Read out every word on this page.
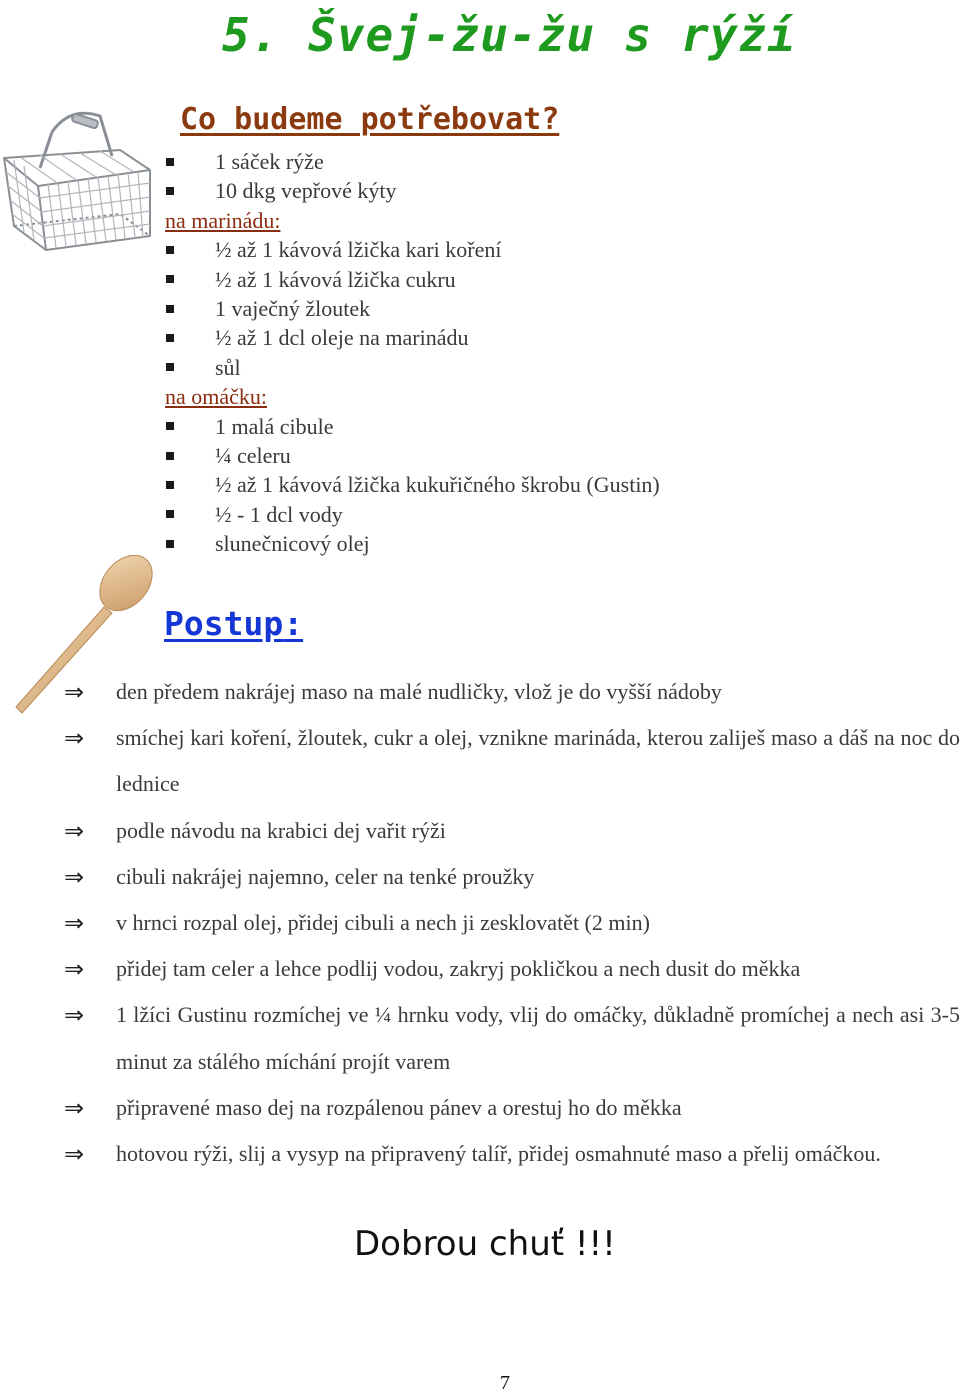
5. Švej-žu-žu s rýží
Co budeme potřebovat?
1 sáček rýže
10 dkg vepřové kýty
na marinádu:
½ až 1 kávová lžička kari koření
½ až 1 kávová lžička cukru
1 vaječný žloutek
½ až 1 dcl oleje na marinádu
sůl
na omáčku:
1 malá cibule
¼ celeru
½ až 1 kávová lžička kukuřičného škrobu (Gustin)
½ - 1 dcl vody
slunečnicový olej
Postup:
⇒ den předem nakrájej maso na malé nudličky, vlož je do vyšší nádoby
⇒ smíchej kari koření, žloutek, cukr a olej, vznikne marináda, kterou zaliješ maso a dáš na noc do lednice
⇒ podle návodu na krabici dej vařit rýži
⇒ cibuli nakrájej najemno, celer na tenké proužky
⇒ v hrnci rozpal olej, přidej cibuli a nech ji zesklovatět (2 min)
⇒ přidej tam celer a lehce podlij vodou, zakryj pokličkou a nech dusit do měkka
⇒ 1 lžíci Gustinu rozmíchej ve ¼ hrnku vody, vlij do omáčky, důkladně promíchej a nech asi 3-5 minut za stálého míchání projít varem
⇒ připravené maso dej na rozpálenou pánev a orestuj ho do měkka
⇒ hotovou rýži, slij a vysyp na připravený talíř, přidej osmahnuté maso a přelij omáčkou.
Dobrou chuť !!!
7
